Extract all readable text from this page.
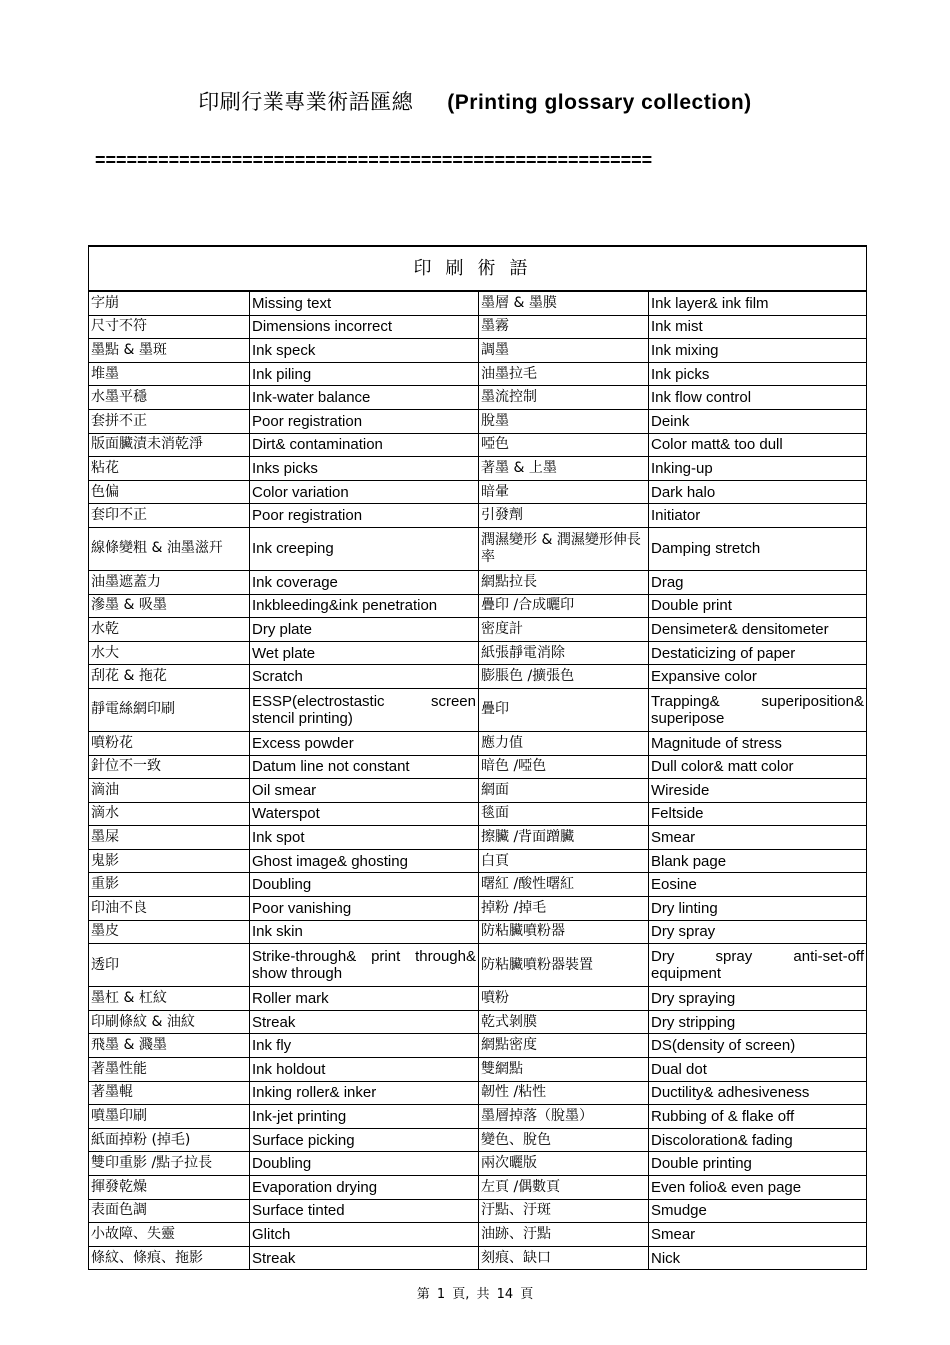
印刷行業專業術語匯總 (Printing glossary collection)
=====================================================
印刷術語			
字崩	Missing text	墨層 & 墨膜	Ink layer& ink film
尺寸不符	Dimensions incorrect	墨霧	Ink mist
墨點 & 墨斑	Ink speck	調墨	Ink mixing
堆墨	Ink piling	油墨拉毛	Ink picks
水墨平穩	Ink-water balance	墨流控制	Ink flow control
套拼不正	Poor registration	脫墨	Deink
版面臟漬未消乾淨	Dirt& contamination	啞色	Color matt& too dull
粘花	Inks picks	著墨 & 上墨	Inking-up
色偏	Color variation	暗暈	Dark halo
套印不正	Poor registration	引發劑	Initiator
線條變粗 & 油墨滋幵	Ink creeping	潤濕變形 & 潤濕變形伸長率	Damping stretch
油墨遮蓋力	Ink coverage	網點拉長	Drag
滲墨 & 吸墨	Inkbleeding&ink penetration	疊印 /合成曬印	Double print
水乾	Dry plate	密度計	Densimeter& densitometer
水大	Wet plate	紙張靜電消除	Destaticizing of paper
刮花 & 拖花	Scratch	膨脹色 /擴張色	Expansive color
靜電絲網印刷	ESSP(electrostastic screen stencil printing)	疊印	Trapping& superiposition& superipose
噴粉花	Excess powder	應力值	Magnitude of stress
針位不一致	Datum line not constant	暗色 /啞色	Dull color& matt color
滴油	Oil smear	網面	Wireside
滴水	Waterspot	毯面	Feltside
墨屎	Ink spot	擦臟 /背面蹭臟	Smear
鬼影	Ghost image& ghosting	白頁	Blank page
重影	Doubling	曙紅 /酸性曙紅	Eosine
印油不良	Poor vanishing	掉粉 /掉毛	Dry linting
墨皮	Ink skin	防粘臟噴粉器	Dry spray
透印	Strike-through& print through& show through	防粘臟噴粉器裝置	Dry spray anti-set-off equipment
墨杠 & 杠紋	Roller mark	噴粉	Dry spraying
印刷條紋 & 油紋	Streak	乾式剝膜	Dry stripping
飛墨 & 濺墨	Ink fly	網點密度	DS(density of screen)
著墨性能	Ink holdout	雙網點	Dual dot
著墨輥	Inking roller& inker	韌性 /粘性	Ductility& adhesiveness
噴墨印刷	Ink-jet printing	墨層掉落（脫墨）	Rubbing of & flake off
紙面掉粉 (掉毛)	Surface picking	變色、脫色	Discoloration& fading
雙印重影 /點子拉長	Doubling	兩次曬版	Double printing
揮發乾燥	Evaporation drying	左頁 /偶數頁	Even folio& even page
表面色調	Surface tinted	汙點、汙斑	Smudge
小故障、失靈	Glitch	油跡、汙點	Smear
條紋、條痕、拖影	Streak	刻痕、缺口	Nick
第 1 頁, 共 14 頁
